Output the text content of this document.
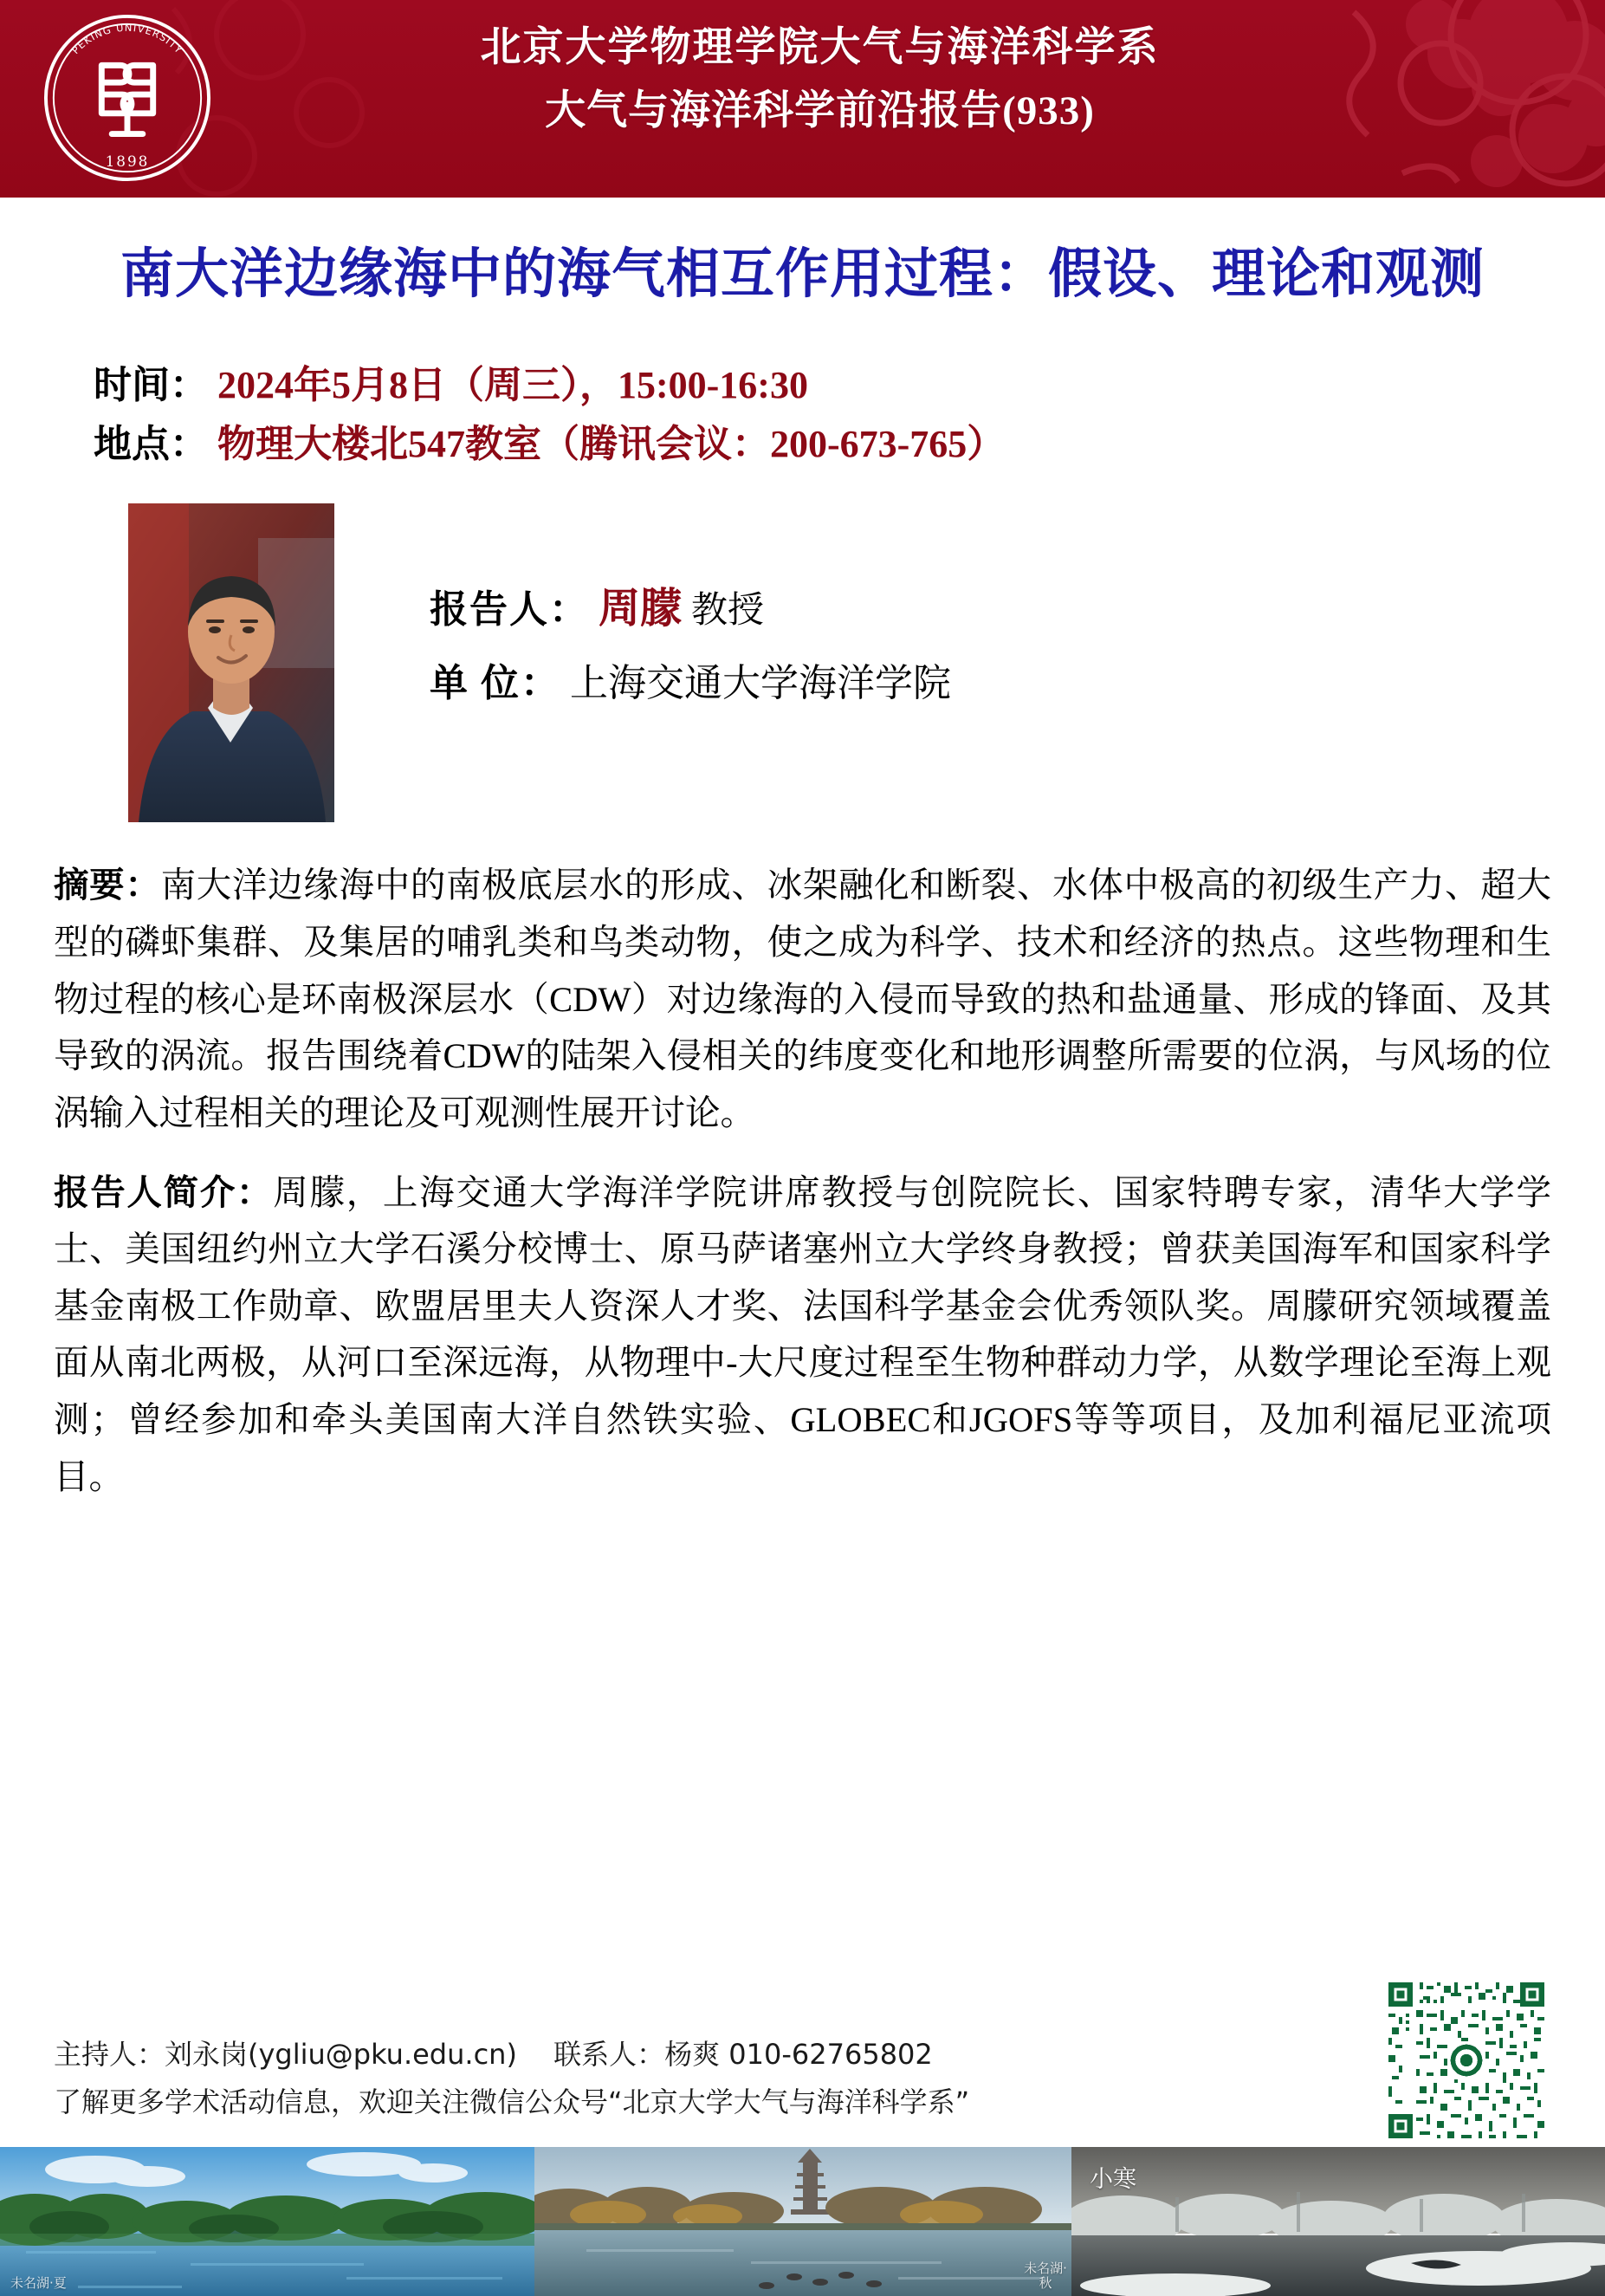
PEKING UNIVERSITY
1898
北京大学物理学院大气与海洋科学系
大气与海洋科学前沿报告(933)
南大洋边缘海中的海气相互作用过程：假设、理论和观测
时间： 2024年5月8日（周三），15:00-16:30
地点： 物理大楼北547教室（腾讯会议：200-673-765）
报告人： 周朦 教授
单 位： 上海交通大学海洋学院
摘要：南大洋边缘海中的南极底层水的形成、冰架融化和断裂、水体中极高的初级生产力、超大型的磷虾集群、及集居的哺乳类和鸟类动物，使之成为科学、技术和经济的热点。这些物理和生物过程的核心是环南极深层水（CDW）对边缘海的入侵而导致的热和盐通量、形成的锋面、及其导致的涡流。报告围绕着CDW的陆架入侵相关的纬度变化和地形调整所需要的位涡，与风场的位涡输入过程相关的理论及可观测性展开讨论。
报告人简介：周朦，上海交通大学海洋学院讲席教授与创院院长、国家特聘专家，清华大学学士、美国纽约州立大学石溪分校博士、原马萨诸塞州立大学终身教授；曾获美国海军和国家科学基金南极工作勋章、欧盟居里夫人资深人才奖、法国科学基金会优秀领队奖。周朦研究领域覆盖面从南北两极，从河口至深远海，从物理中-大尺度过程至生物种群动力学，从数学理论至海上观测；曾经参加和牵头美国南大洋自然铁实验、GLOBEC和JGOFS等等项目，及加利福尼亚流项目。
主持人：刘永岗(ygliu@pku.edu.cn)　 联系人：杨爽 010-62765802
了解更多学术活动信息，欢迎关注微信公众号“北京大学大气与海洋科学系”
未名湖·夏
未名湖·秋
小寒
